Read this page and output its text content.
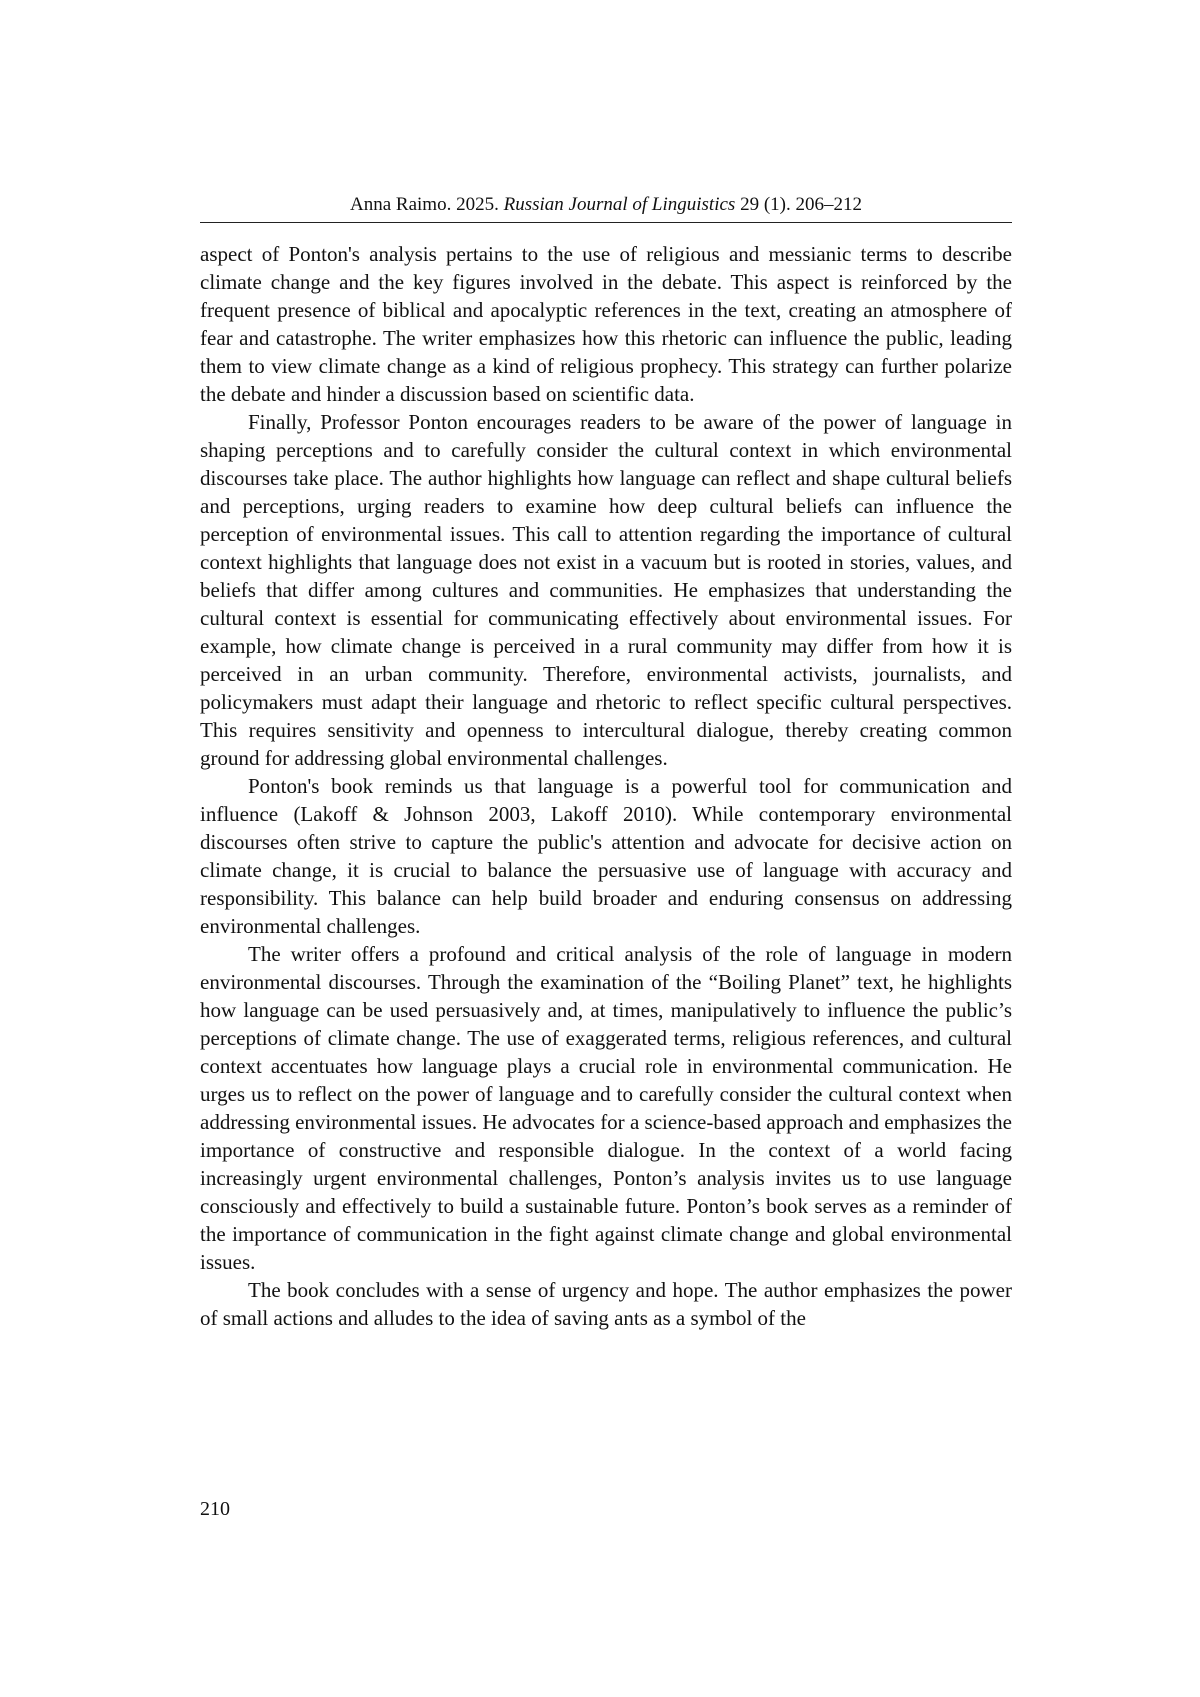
Anna Raimo. 2025. Russian Journal of Linguistics 29 (1). 206–212

aspect of Ponton's analysis pertains to the use of religious and messianic terms to describe climate change and the key figures involved in the debate. This aspect is reinforced by the frequent presence of biblical and apocalyptic references in the text, creating an atmosphere of fear and catastrophe. The writer emphasizes how this rhetoric can influence the public, leading them to view climate change as a kind of religious prophecy. This strategy can further polarize the debate and hinder a discussion based on scientific data.

Finally, Professor Ponton encourages readers to be aware of the power of language in shaping perceptions and to carefully consider the cultural context in which environmental discourses take place. The author highlights how language can reflect and shape cultural beliefs and perceptions, urging readers to examine how deep cultural beliefs can influence the perception of environmental issues. This call to attention regarding the importance of cultural context highlights that language does not exist in a vacuum but is rooted in stories, values, and beliefs that differ among cultures and communities. He emphasizes that understanding the cultural context is essential for communicating effectively about environmental issues. For example, how climate change is perceived in a rural community may differ from how it is perceived in an urban community. Therefore, environmental activists, journalists, and policymakers must adapt their language and rhetoric to reflect specific cultural perspectives. This requires sensitivity and openness to intercultural dialogue, thereby creating common ground for addressing global environmental challenges.

Ponton's book reminds us that language is a powerful tool for communication and influence (Lakoff & Johnson 2003, Lakoff 2010). While contemporary environmental discourses often strive to capture the public's attention and advocate for decisive action on climate change, it is crucial to balance the persuasive use of language with accuracy and responsibility. This balance can help build broader and enduring consensus on addressing environmental challenges.

The writer offers a profound and critical analysis of the role of language in modern environmental discourses. Through the examination of the “Boiling Planet” text, he highlights how language can be used persuasively and, at times, manipulatively to influence the public’s perceptions of climate change. The use of exaggerated terms, religious references, and cultural context accentuates how language plays a crucial role in environmental communication. He urges us to reflect on the power of language and to carefully consider the cultural context when addressing environmental issues. He advocates for a science-based approach and emphasizes the importance of constructive and responsible dialogue. In the context of a world facing increasingly urgent environmental challenges, Ponton’s analysis invites us to use language consciously and effectively to build a sustainable future. Ponton’s book serves as a reminder of the importance of communication in the fight against climate change and global environmental issues.

The book concludes with a sense of urgency and hope. The author emphasizes the power of small actions and alludes to the idea of saving ants as a symbol of the

210
